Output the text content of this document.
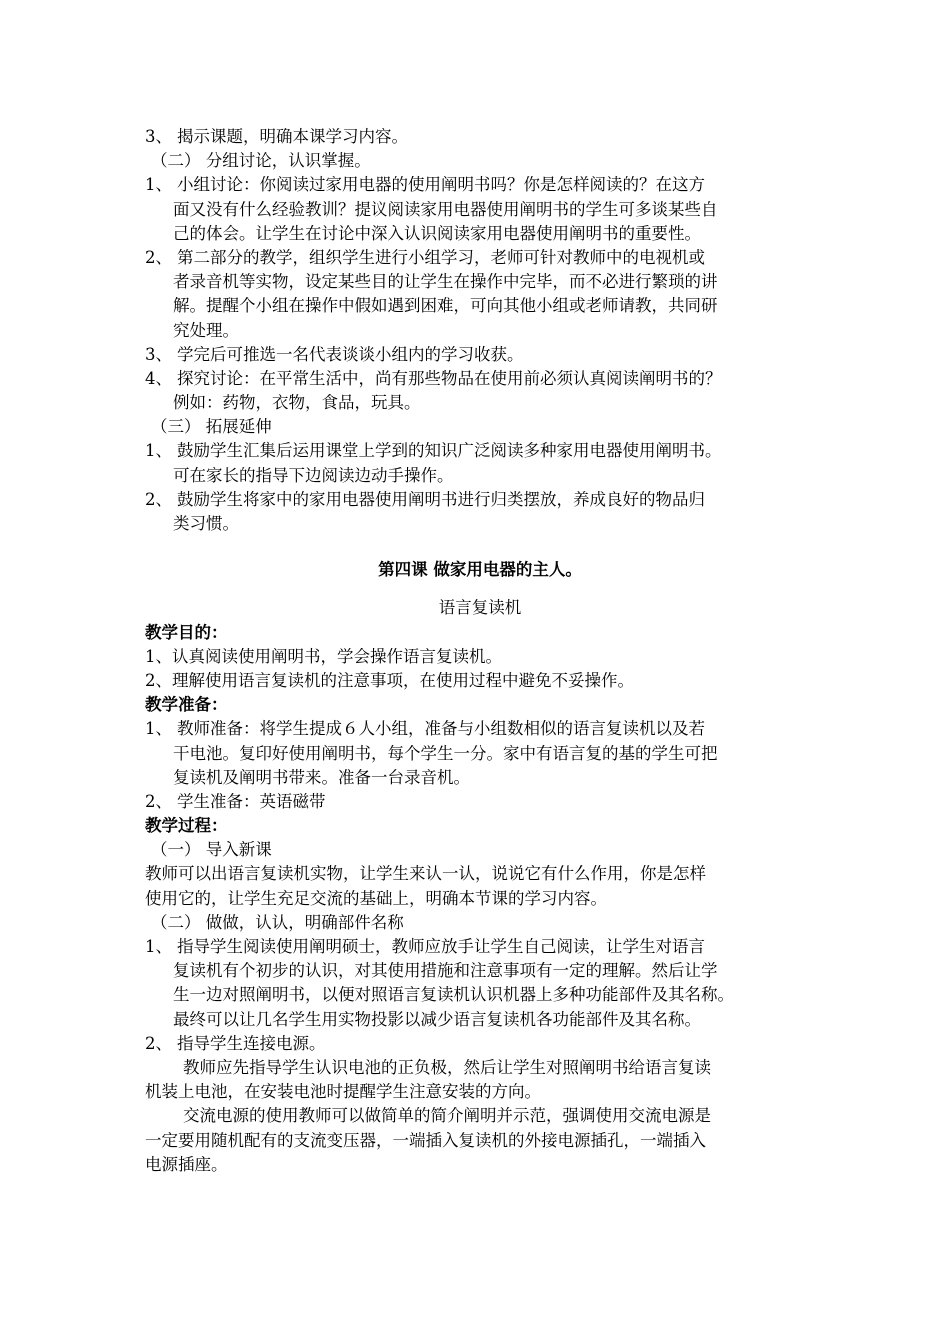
3、 揭示课题，明确本课学习内容。
（二） 分组讨论，认识掌握。
1、 小组讨论：你阅读过家用电器的使用阐明书吗？你是怎样阅读的？在这方
面又没有什么经验教训？提议阅读家用电器使用阐明书的学生可多谈某些自
己的体会。让学生在讨论中深入认识阅读家用电器使用阐明书的重要性。
2、 第二部分的教学，组织学生进行小组学习，老师可针对教师中的电视机或
者录音机等实物，设定某些目的让学生在操作中完毕，而不必进行繁琐的讲
解。提醒个小组在操作中假如遇到困难，可向其他小组或老师请教，共同研
究处理。
3、 学完后可推选一名代表谈谈小组内的学习收获。
4、 探究讨论：在平常生活中，尚有那些物品在使用前必须认真阅读阐明书的？
例如：药物，衣物，食品，玩具。
（三） 拓展延伸
1、 鼓励学生汇集后运用课堂上学到的知识广泛阅读多种家用电器使用阐明书。
可在家长的指导下边阅读边动手操作。
2、 鼓励学生将家中的家用电器使用阐明书进行归类摆放，养成良好的物品归
类习惯。
第四课 做家用电器的主人。
语言复读机
教学目的：
1、认真阅读使用阐明书，学会操作语言复读机。
2、理解使用语言复读机的注意事项，在使用过程中避免不妥操作。
教学准备：
1、 教师准备：将学生提成６人小组，准备与小组数相似的语言复读机以及若
干电池。复印好使用阐明书，每个学生一分。家中有语言复的基的学生可把
复读机及阐明书带来。准备一台录音机。
2、 学生准备：英语磁带
教学过程：
（一） 导入新课
教师可以出语言复读机实物，让学生来认一认，说说它有什么作用，你是怎样
使用它的，让学生充足交流的基础上，明确本节课的学习内容。
（二） 做做，认认，明确部件名称
1、 指导学生阅读使用阐明硕士，教师应放手让学生自己阅读，让学生对语言
复读机有个初步的认识，对其使用措施和注意事项有一定的理解。然后让学
生一边对照阐明书，以便对照语言复读机认识机器上多种功能部件及其名称。
最终可以让几名学生用实物投影以减少语言复读机各功能部件及其名称。
2、 指导学生连接电源。
教师应先指导学生认识电池的正负极，然后让学生对照阐明书给语言复读
机装上电池，在安装电池时提醒学生注意安装的方向。
交流电源的使用教师可以做简单的简介阐明并示范，强调使用交流电源是
一定要用随机配有的支流变压器，一端插入复读机的外接电源插孔，一端插入
电源插座。
